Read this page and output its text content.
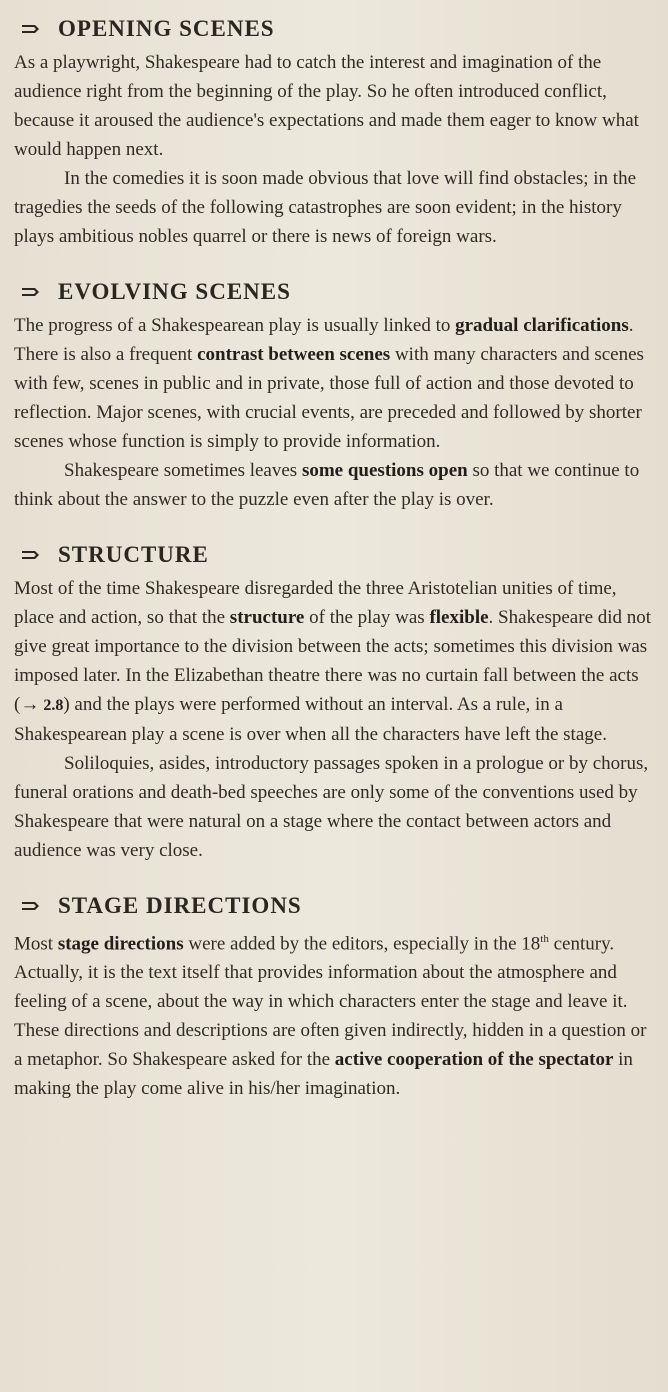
OPENING SCENES

As a playwright, Shakespeare had to catch the interest and imagination of the audience right from the beginning of the play. So he often introduced conflict, because it aroused the audience's expectations and made them eager to know what would happen next.

In the comedies it is soon made obvious that love will find obstacles; in the tragedies the seeds of the following catastrophes are soon evident; in the history plays ambitious nobles quarrel or there is news of foreign wars.

EVOLVING SCENES

The progress of a Shakespearean play is usually linked to gradual clarifications. There is also a frequent contrast between scenes with many characters and scenes with few, scenes in public and in private, those full of action and those devoted to reflection. Major scenes, with crucial events, are preceded and followed by shorter scenes whose function is simply to provide information.

Shakespeare sometimes leaves some questions open so that we continue to think about the answer to the puzzle even after the play is over.

STRUCTURE

Most of the time Shakespeare disregarded the three Aristotelian unities of time, place and action, so that the structure of the play was flexible. Shakespeare did not give great importance to the division between the acts; sometimes this division was imposed later. In the Elizabethan theatre there was no curtain fall between the acts (→ 2.8) and the plays were performed without an interval. As a rule, in a Shakespearean play a scene is over when all the characters have left the stage.

Soliloquies, asides, introductory passages spoken in a prologue or by chorus, funeral orations and death-bed speeches are only some of the conventions used by Shakespeare that were natural on a stage where the contact between actors and audience was very close.

STAGE DIRECTIONS

Most stage directions were added by the editors, especially in the 18th century. Actually, it is the text itself that provides information about the atmosphere and feeling of a scene, about the way in which characters enter the stage and leave it. These directions and descriptions are often given indirectly, hidden in a question or a metaphor. So Shakespeare asked for the active cooperation of the spectator in making the play come alive in his/her imagination.
